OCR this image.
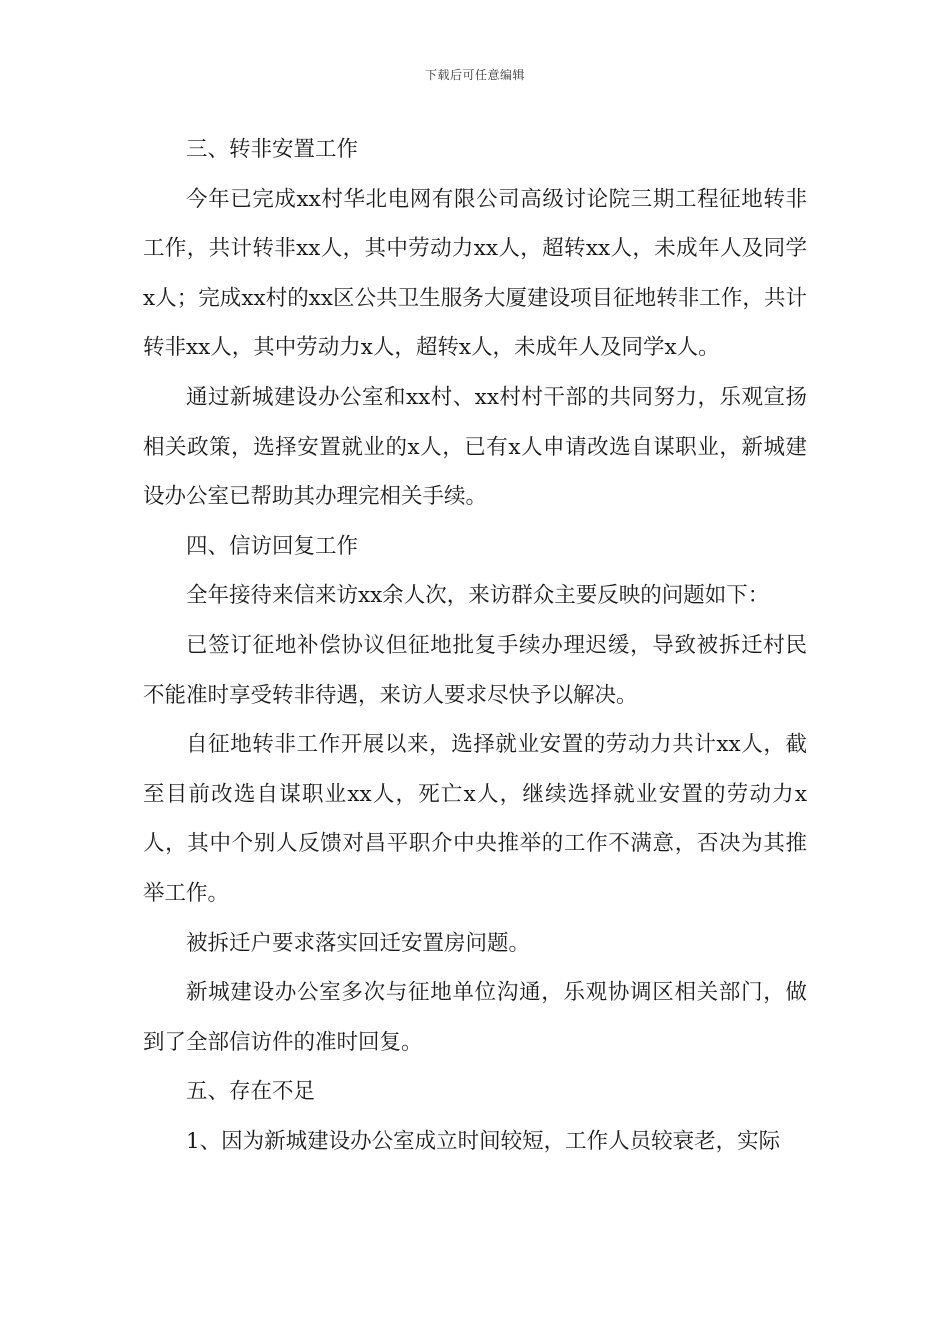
下载后可任意编辑

三、转非安置工作

今年已完成xx村华北电网有限公司高级讨论院三期工程征地转非工作，共计转非xx人，其中劳动力xx人，超转xx人，未成年人及同学x人；完成xx村的xx区公共卫生服务大厦建设项目征地转非工作，共计转非xx人，其中劳动力x人，超转x人，未成年人及同学x人。

通过新城建设办公室和xx村、xx村村干部的共同努力，乐观宣扬相关政策，选择安置就业的x人，已有x人申请改选自谋职业，新城建设办公室已帮助其办理完相关手续。

四、信访回复工作

全年接待来信来访xx余人次，来访群众主要反映的问题如下：

已签订征地补偿协议但征地批复手续办理迟缓，导致被拆迁村民不能准时享受转非待遇，来访人要求尽快予以解决。

自征地转非工作开展以来，选择就业安置的劳动力共计xx人，截至目前改选自谋职业xx人，死亡x人，继续选择就业安置的劳动力x人，其中个别人反馈对昌平职介中央推举的工作不满意，否决为其推举工作。

被拆迁户要求落实回迁安置房问题。

新城建设办公室多次与征地单位沟通，乐观协调区相关部门，做到了全部信访件的准时回复。

五、存在不足

1、因为新城建设办公室成立时间较短，工作人员较衰老，实际
